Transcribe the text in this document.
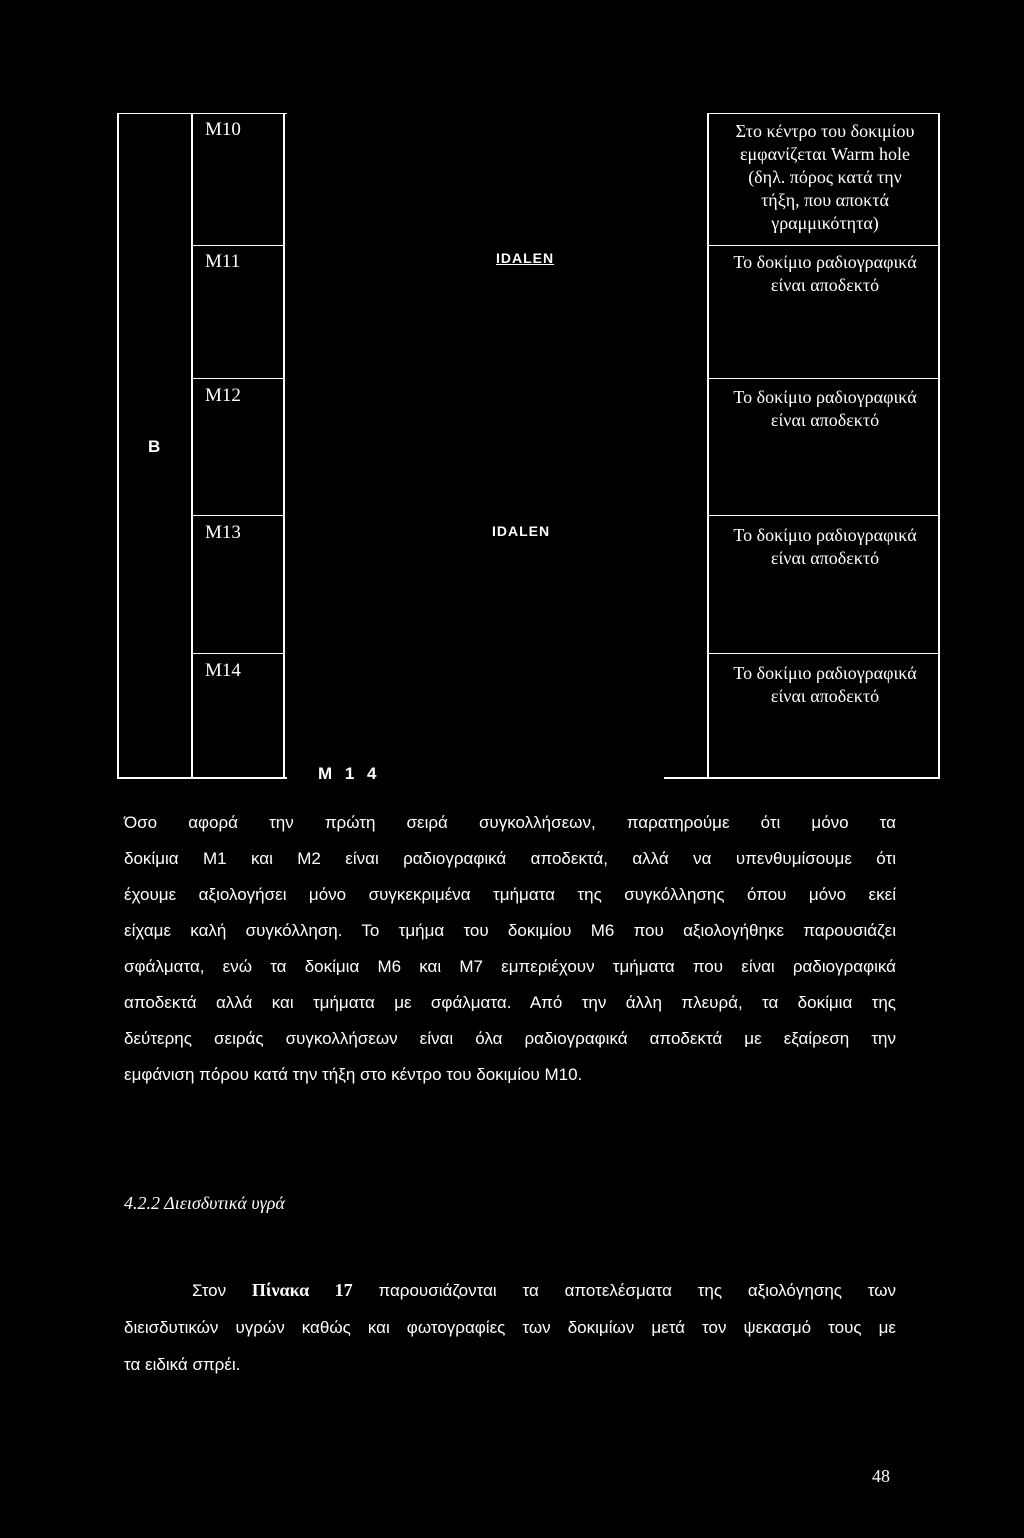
B
M10
M11
M12
M13
M14
IDALEN
IDALEN
M 1 4
Στο κέντρο του δοκιμίου
εμφανίζεται Warm hole
(δηλ. πόρος κατά την
τήξη, που αποκτά
γραμμικότητα)
Το δοκίμιο ραδιογραφικά
είναι αποδεκτό
Το δοκίμιο ραδιογραφικά
είναι αποδεκτό
Το δοκίμιο ραδιογραφικά
είναι αποδεκτό
Το δοκίμιο ραδιογραφικά
είναι αποδεκτό
Όσο αφορά την πρώτη σειρά συγκολλήσεων, παρατηρούμε ότι μόνο τα
δοκίμια Μ1 και Μ2 είναι ραδιογραφικά αποδεκτά, αλλά να υπενθυμίσουμε ότι
έχουμε αξιολογήσει μόνο συγκεκριμένα τμήματα της συγκόλλησης όπου μόνο εκεί
είχαμε καλή συγκόλληση. Το τμήμα του δοκιμίου Μ6 που αξιολογήθηκε παρουσιάζει
σφάλματα, ενώ τα δοκίμια Μ6 και Μ7 εμπεριέχουν τμήματα που είναι ραδιογραφικά
αποδεκτά αλλά και τμήματα με σφάλματα. Από την άλλη πλευρά, τα δοκίμια της
δεύτερης σειράς συγκολλήσεων είναι όλα ραδιογραφικά αποδεκτά με εξαίρεση την
εμφάνιση πόρου κατά την τήξη στο κέντρο του δοκιμίου Μ10.
4.2.2 Διεισδυτικά υγρά
Στον Πίνακα 17 παρουσιάζονται τα αποτελέσματα της αξιολόγησης των
διεισδυτικών υγρών καθώς και φωτογραφίες των δοκιμίων μετά τον ψεκασμό τους με
τα ειδικά σπρέι.
48
